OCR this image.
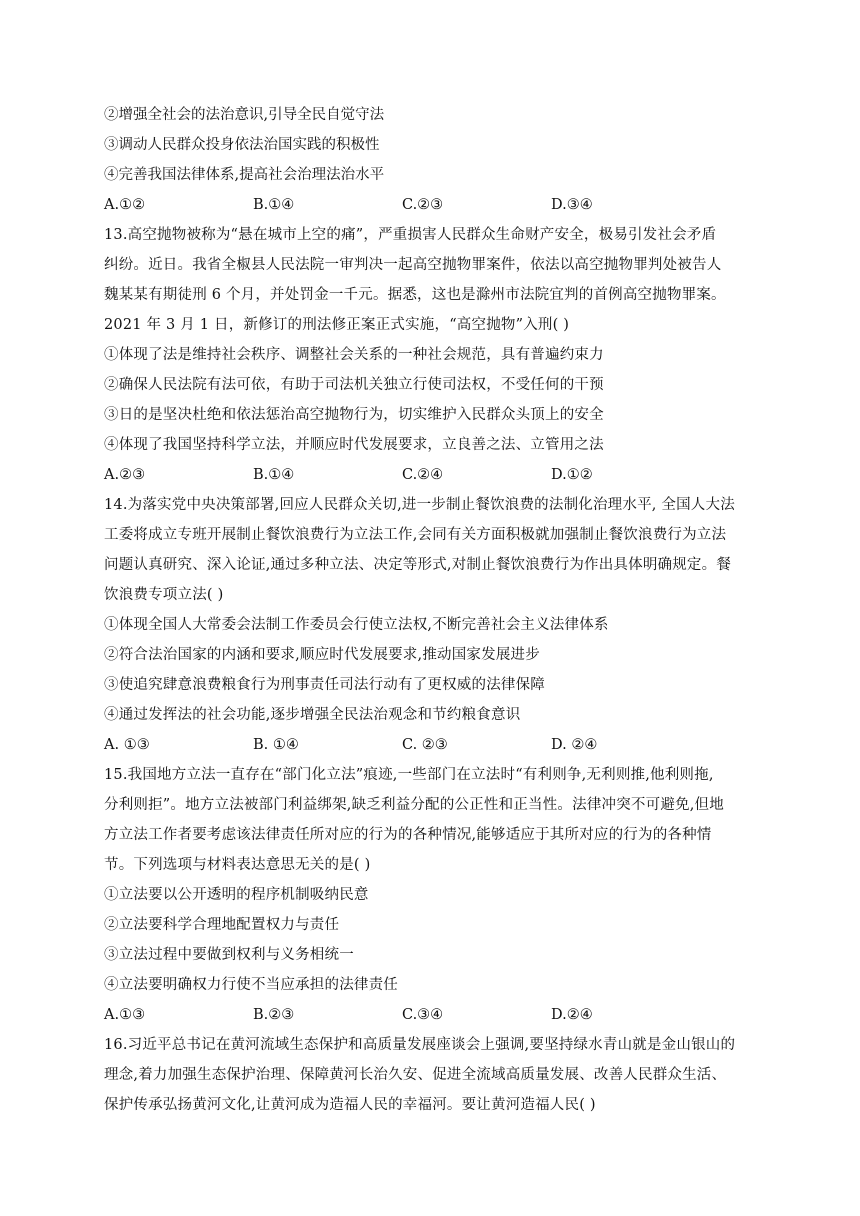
②增强全社会的法治意识,引导全民自觉守法
③调动人民群众投身依法治国实践的积极性
④完善我国法律体系,提高社会治理法治水平
A.①②	B.①④	C.②③	D.③④
13.高空抛物被称为“悬在城市上空的痛”，严重损害人民群众生命财产安全，极易引发社会矛盾
纠纷。近日。我省全椒县人民法院一审判决一起高空抛物罪案件，依法以高空抛物罪判处被告人
魏某某有期徒刑 6 个月，并处罚金一千元。据悉，这也是滁州市法院宜判的首例高空抛物罪案。
2021 年 3 月 1 日，新修订的刑法修正案正式实施，“高空抛物”入刑( )
①体现了法是维持社会秩序、调整社会关系的一种社会规范，具有普遍约束力
②确保人民法院有法可依，有助于司法机关独立行使司法权，不受任何的干预
③日的是坚决杜绝和依法惩治高空抛物行为，切实维护入民群众头顶上的安全
④体现了我国坚持科学立法，并顺应时代发展要求，立良善之法、立管用之法
A.②③	B.①④	C.②④	D.①②
14.为落实党中央决策部署,回应人民群众关切,进一步制止餐饮浪费的法制化治理水平, 全国人大法
工委将成立专班开展制止餐饮浪费行为立法工作,会同有关方面积极就加强制止餐饮浪费行为立法
问题认真研究、深入论证,通过多种立法、决定等形式,对制止餐饮浪费行为作出具体明确规定。餐
饮浪费专项立法( )
①体现全国人大常委会法制工作委员会行使立法权,不断完善社会主义法律体系
②符合法治国家的内涵和要求,顺应时代发展要求,推动国家发展进步
③使追究肆意浪费粮食行为刑事责任司法行动有了更权威的法律保障
④通过发挥法的社会功能,逐步增强全民法治观念和节约粮食意识
A. ①③	B. ①④	C. ②③	D. ②④
15.我国地方立法一直存在“部门化立法”痕迹,一些部门在立法时“有利则争,无利则推,他利则拖,
分利则拒”。地方立法被部门利益绑架,缺乏利益分配的公正性和正当性。法律冲突不可避免,但地
方立法工作者要考虑该法律责任所对应的行为的各种情况,能够适应于其所对应的行为的各种情
节。下列选项与材料表达意思无关的是( )
①立法要以公开透明的程序机制吸纳民意
②立法要科学合理地配置权力与责任
③立法过程中要做到权利与义务相统一
④立法要明确权力行使不当应承担的法律责任
A.①③	B.②③	C.③④	D.②④
16.习近平总书记在黄河流域生态保护和高质量发展座谈会上强调,要坚持绿水青山就是金山银山的
理念,着力加强生态保护治理、保障黄河长治久安、促进全流域高质量发展、改善人民群众生活、
保护传承弘扬黄河文化,让黄河成为造福人民的幸福河。要让黄河造福人民( )
